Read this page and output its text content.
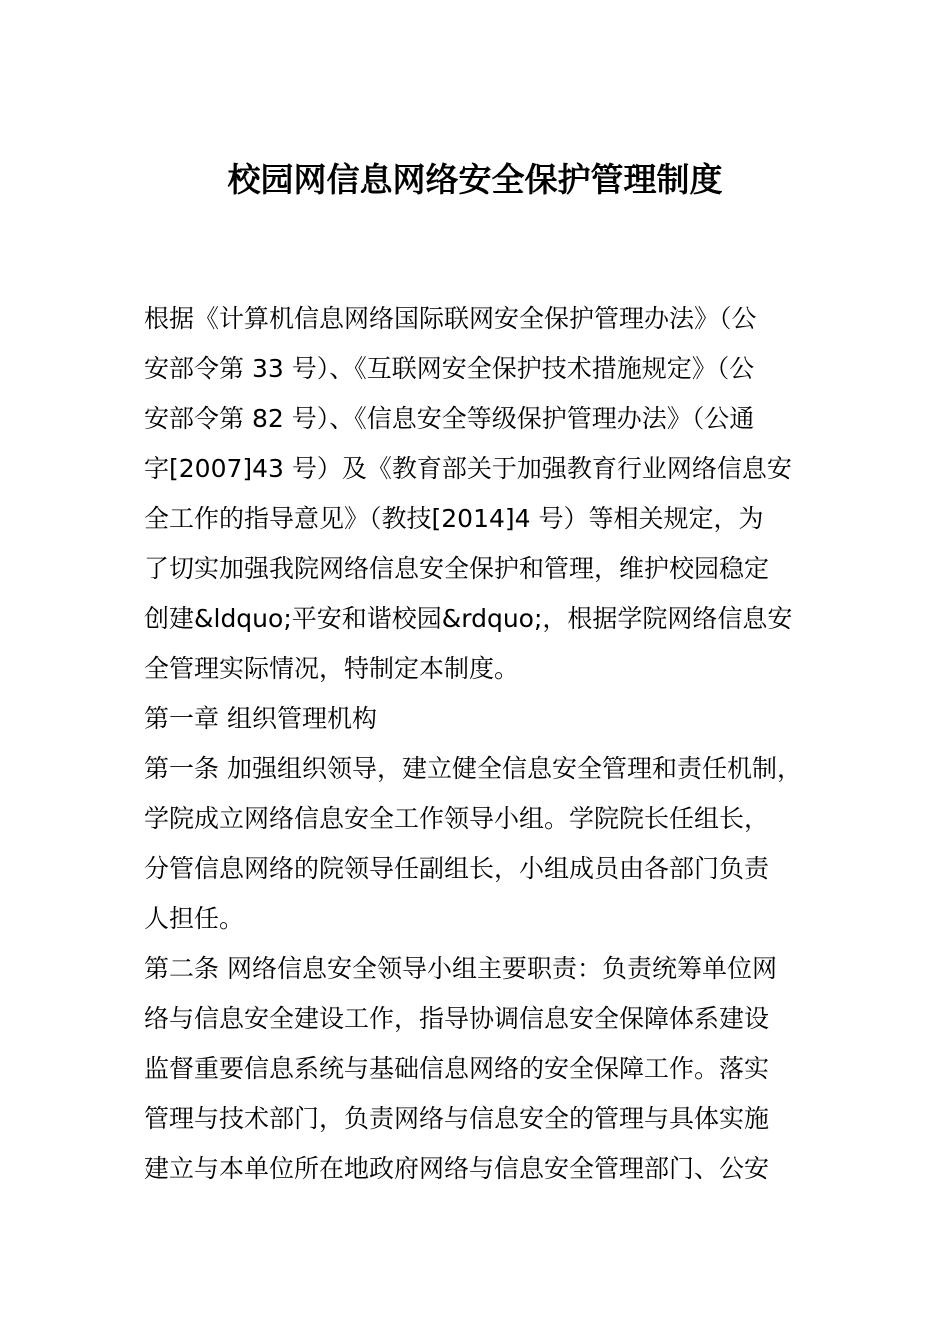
校园网信息网络安全保护管理制度
根据《计算机信息网络国际联网安全保护管理办法》（公
安部令第 33 号）、《互联网安全保护技术措施规定》（公
安部令第 82 号）、《信息安全等级保护管理办法》（公通
字[2007]43 号）及《教育部关于加强教育行业网络信息安
全工作的指导意见》（教技[2014]4 号）等相关规定，为
了切实加强我院网络信息安全保护和管理，维护校园稳定
创建&ldquo;平安和谐校园&rdquo;，根据学院网络信息安
全管理实际情况，特制定本制度。
第一章 组织管理机构
第一条 加强组织领导，建立健全信息安全管理和责任机制，
学院成立网络信息安全工作领导小组。学院院长任组长，
分管信息网络的院领导任副组长，小组成员由各部门负责
人担任。
第二条 网络信息安全领导小组主要职责：负责统筹单位网
络与信息安全建设工作，指导协调信息安全保障体系建设
监督重要信息系统与基础信息网络的安全保障工作。落实
管理与技术部门，负责网络与信息安全的管理与具体实施
建立与本单位所在地政府网络与信息安全管理部门、公安
